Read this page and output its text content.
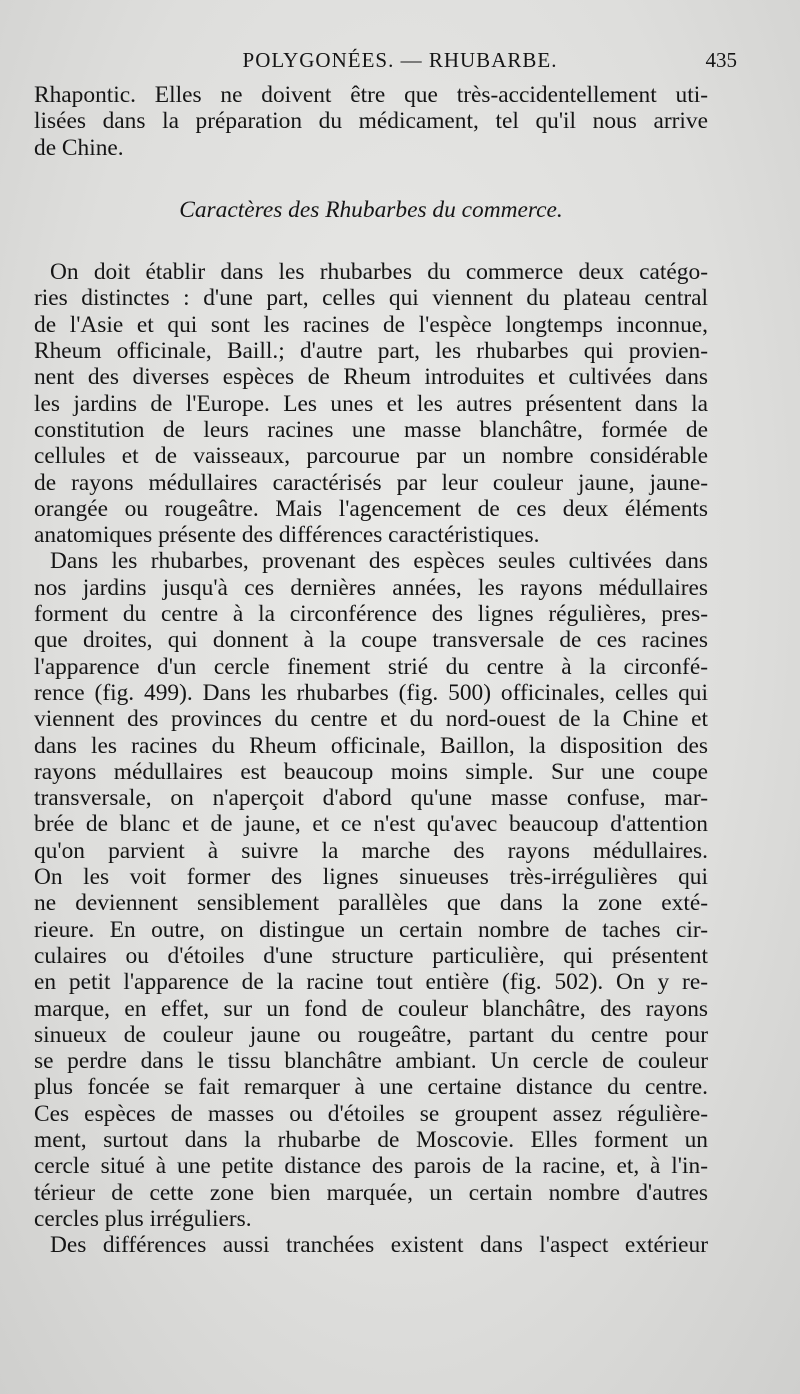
POLYGONÉES. — RHUBARBE.	435
Rhapontic. Elles ne doivent être que très-accidentellement uti-
lisées dans la préparation du médicament, tel qu'il nous arrive
de Chine.
Caractères des Rhubarbes du commerce.
On doit établir dans les rhubarbes du commerce deux catégo-
ries distinctes : d'une part, celles qui viennent du plateau central
de l'Asie et qui sont les racines de l'espèce longtemps inconnue,
Rheum officinale, Baill.; d'autre part, les rhubarbes qui provien-
nent des diverses espèces de Rheum introduites et cultivées dans
les jardins de l'Europe. Les unes et les autres présentent dans la
constitution de leurs racines une masse blanchâtre, formée de
cellules et de vaisseaux, parcourue par un nombre considérable
de rayons médullaires caractérisés par leur couleur jaune, jaune-
orangée ou rougeâtre. Mais l'agencement de ces deux éléments
anatomiques présente des différences caractéristiques.
Dans les rhubarbes, provenant des espèces seules cultivées dans
nos jardins jusqu'à ces dernières années, les rayons médullaires
forment du centre à la circonférence des lignes régulières, pres-
que droites, qui donnent à la coupe transversale de ces racines
l'apparence d'un cercle finement strié du centre à la circonfé-
rence (fig. 499). Dans les rhubarbes (fig. 500) officinales, celles qui
viennent des provinces du centre et du nord-ouest de la Chine et
dans les racines du Rheum officinale, Baillon, la disposition des
rayons médullaires est beaucoup moins simple. Sur une coupe
transversale, on n'aperçoit d'abord qu'une masse confuse, mar-
brée de blanc et de jaune, et ce n'est qu'avec beaucoup d'attention
qu'on parvient à suivre la marche des rayons médullaires.
On les voit former des lignes sinueuses très-irrégulières qui
ne deviennent sensiblement parallèles que dans la zone exté-
rieure. En outre, on distingue un certain nombre de taches cir-
culaires ou d'étoiles d'une structure particulière, qui présentent
en petit l'apparence de la racine tout entière (fig. 502). On y re-
marque, en effet, sur un fond de couleur blanchâtre, des rayons
sinueux de couleur jaune ou rougeâtre, partant du centre pour
se perdre dans le tissu blanchâtre ambiant. Un cercle de couleur
plus foncée se fait remarquer à une certaine distance du centre.
Ces espèces de masses ou d'étoiles se groupent assez régulière-
ment, surtout dans la rhubarbe de Moscovie. Elles forment un
cercle situé à une petite distance des parois de la racine, et, à l'in-
térieur de cette zone bien marquée, un certain nombre d'autres
cercles plus irréguliers.
Des différences aussi tranchées existent dans l'aspect extérieur
